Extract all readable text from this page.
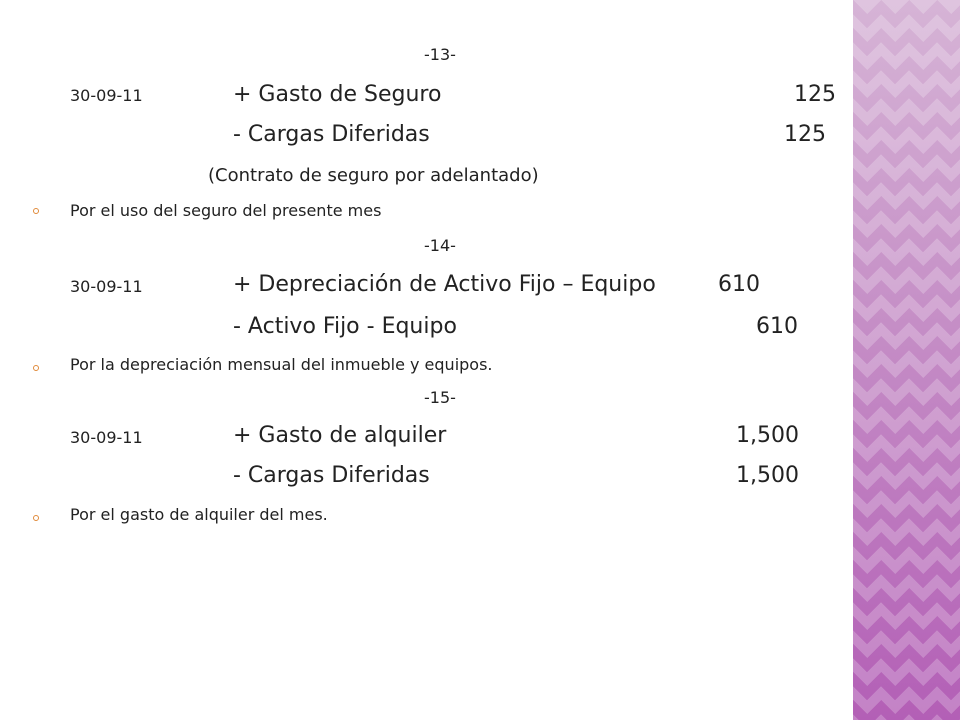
-13-
30-09-11	+ Gasto de Seguro	125
- Cargas Diferidas	125
(Contrato de seguro por adelantado)
Por el uso del seguro del presente mes
-14-
30-09-11	+ Depreciación de Activo Fijo – Equipo	610
- Activo Fijo - Equipo	610
Por la depreciación mensual del inmueble y equipos.
-15-
30-09-11	+ Gasto de alquiler	1,500
- Cargas Diferidas	1,500
Por el gasto de alquiler del mes.
